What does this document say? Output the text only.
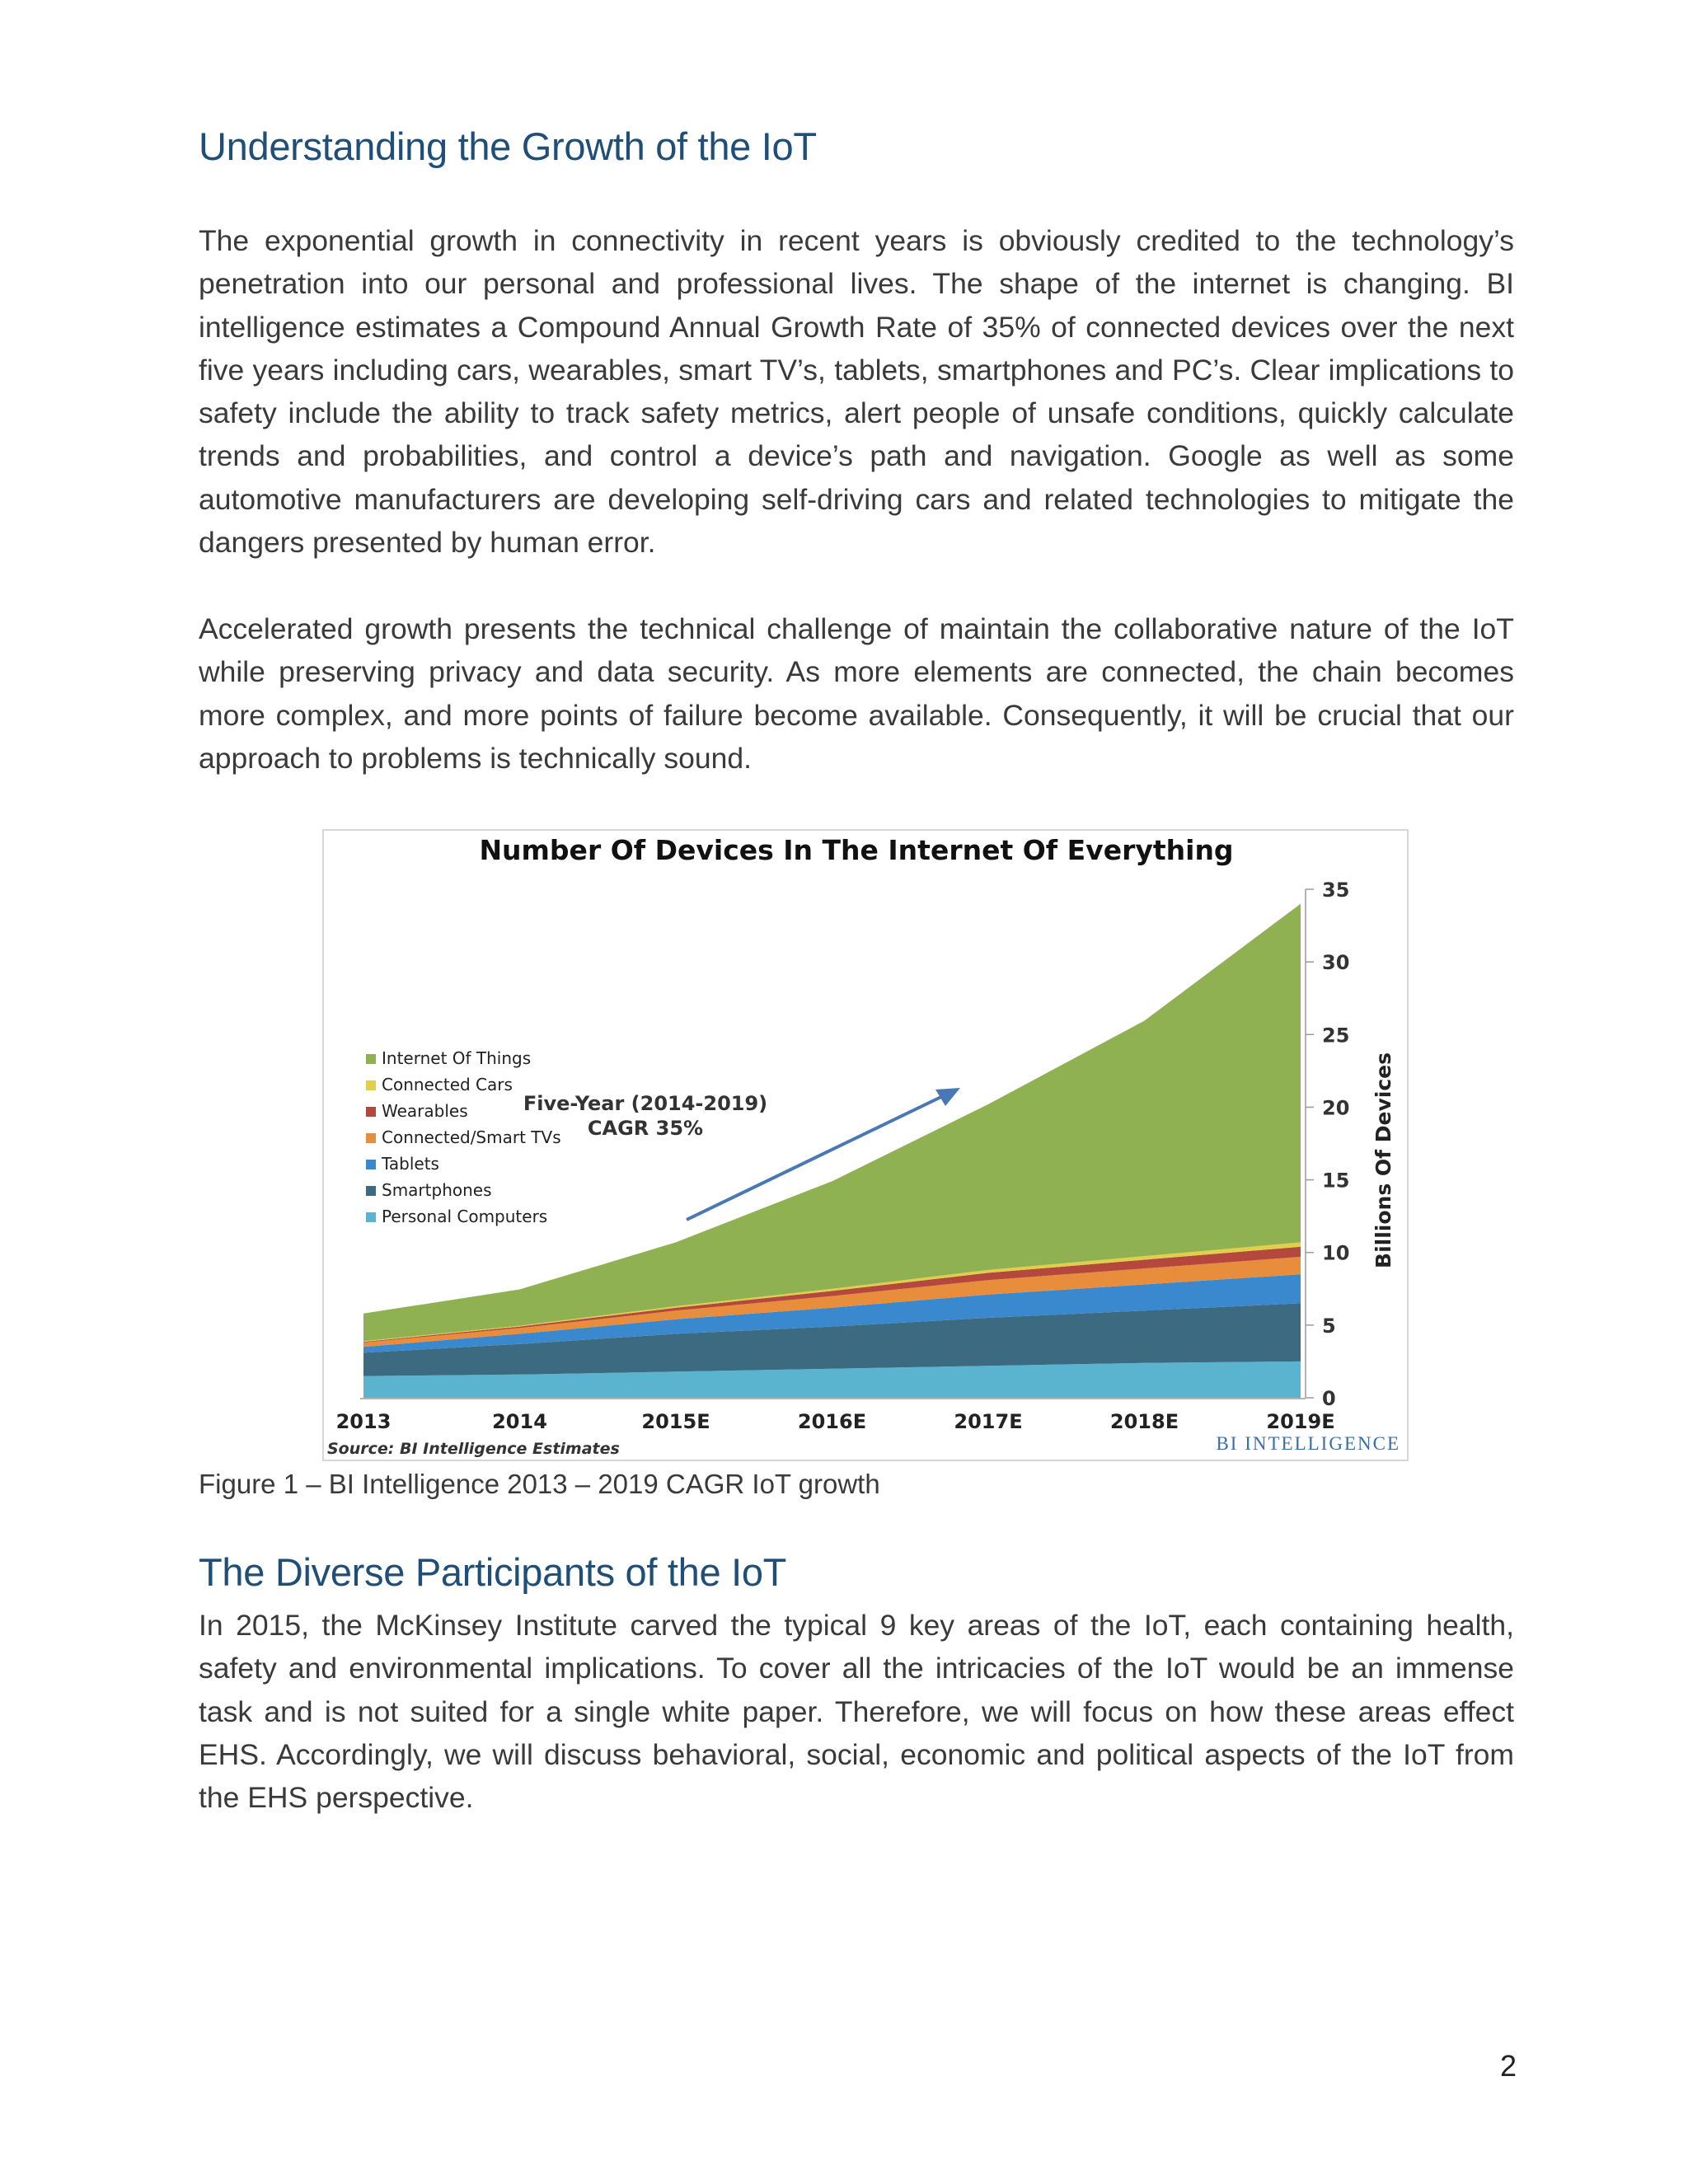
Understanding the Growth of the IoT

The exponential growth in connectivity in recent years is obviously credited to the technology’s penetration into our personal and professional lives. The shape of the internet is changing. BI intelligence estimates a Compound Annual Growth Rate of 35% of connected devices over the next five years including cars, wearables, smart TV’s, tablets, smartphones and PC’s. Clear implications to safety include the ability to track safety metrics, alert people of unsafe conditions, quickly calculate trends and probabilities, and control a device’s path and navigation. Google as well as some automotive manufacturers are developing self-driving cars and related technologies to mitigate the dangers presented by human error.

Accelerated growth presents the technical challenge of maintain the collaborative nature of the IoT while preserving privacy and data security. As more elements are connected, the chain becomes more complex, and more points of failure become available. Consequently, it will be crucial that our approach to problems is technically sound.

Number Of Devices In The Internet Of Everything
0
5
10
15
20
25
30
35
Billions Of Devices
2013	2014	2015E	2016E	2017E	2018E	2019E
Internet Of Things
Connected Cars
Wearables
Connected/Smart TVs
Tablets
Smartphones
Personal Computers
Five-Year (2014-2019)
CAGR 35%
Source: BI Intelligence Estimates	BI INTELLIGENCE

Figure 1 – BI Intelligence 2013 – 2019 CAGR IoT growth

The Diverse Participants of the IoT

In 2015, the McKinsey Institute carved the typical 9 key areas of the IoT, each containing health, safety and environmental implications. To cover all the intricacies of the IoT would be an immense task and is not suited for a single white paper. Therefore, we will focus on how these areas effect EHS. Accordingly, we will discuss behavioral, social, economic and political aspects of the IoT from the EHS perspective.

2
